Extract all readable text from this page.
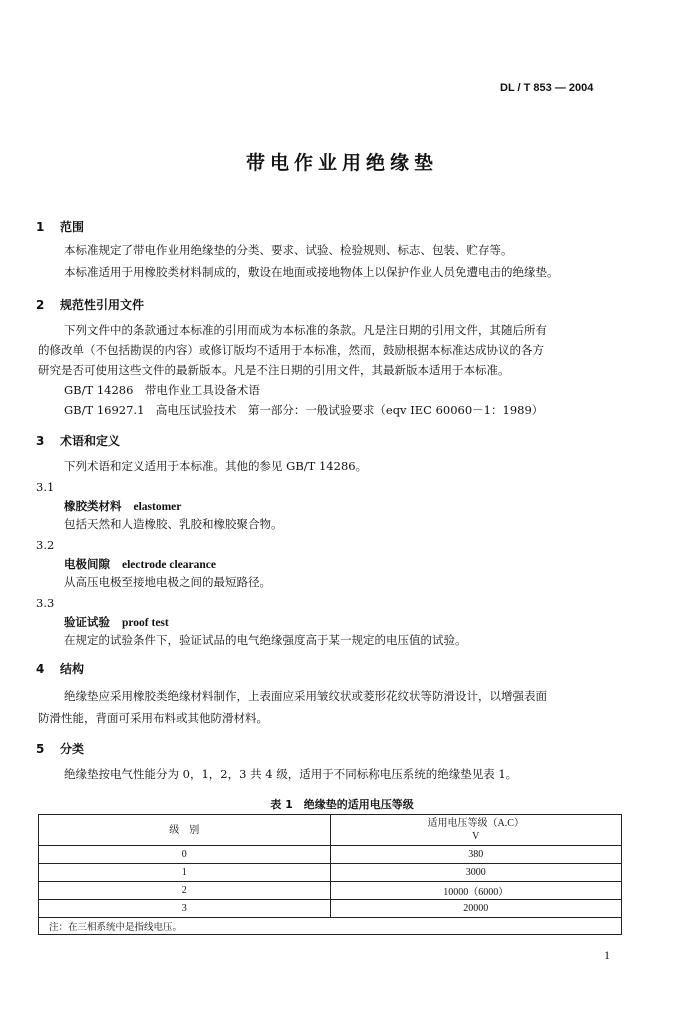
DL / T 853 — 2004
带电作业用绝缘垫
1 范围
本标准规定了带电作业用绝缘垫的分类、要求、试验、检验规则、标志、包装、贮存等。
本标准适用于用橡胶类材料制成的，敷设在地面或接地物体上以保护作业人员免遭电击的绝缘垫。
2 规范性引用文件
下列文件中的条款通过本标准的引用而成为本标准的条款。凡是注日期的引用文件，其随后所有
的修改单（不包括勘误的内容）或修订版均不适用于本标准，然而，鼓励根据本标准达成协议的各方
研究是否可使用这些文件的最新版本。凡是不注日期的引用文件，其最新版本适用于本标准。
GB/T 14286　带电作业工具设备术语
GB/T 16927.1　高电压试验技术　第一部分：一般试验要求（eqv IEC 60060－1：1989）
3 术语和定义
下列术语和定义适用于本标准。其他的参见 GB/T 14286。
3.1
橡胶类材料 elastomer
包括天然和人造橡胶、乳胶和橡胶聚合物。
3.2
电极间隙 electrode clearance
从高压电极至接地电极之间的最短路径。
3.3
验证试验 proof test
在规定的试验条件下，验证试品的电气绝缘强度高于某一规定的电压值的试验。
4 结构
绝缘垫应采用橡胶类绝缘材料制作，上表面应采用皱纹状或菱形花纹状等防滑设计，以增强表面
防滑性能，背面可采用布料或其他防滑材料。
5 分类
绝缘垫按电气性能分为 0，1，2，3 共 4 级，适用于不同标称电压系统的绝缘垫见表 1。
表 1　绝缘垫的适用电压等级
级　别	适用电压等级（A.C）
V

0	380
1	3000
2	10000（6000）
3	20000
注：在三相系统中是指线电压。	
1
